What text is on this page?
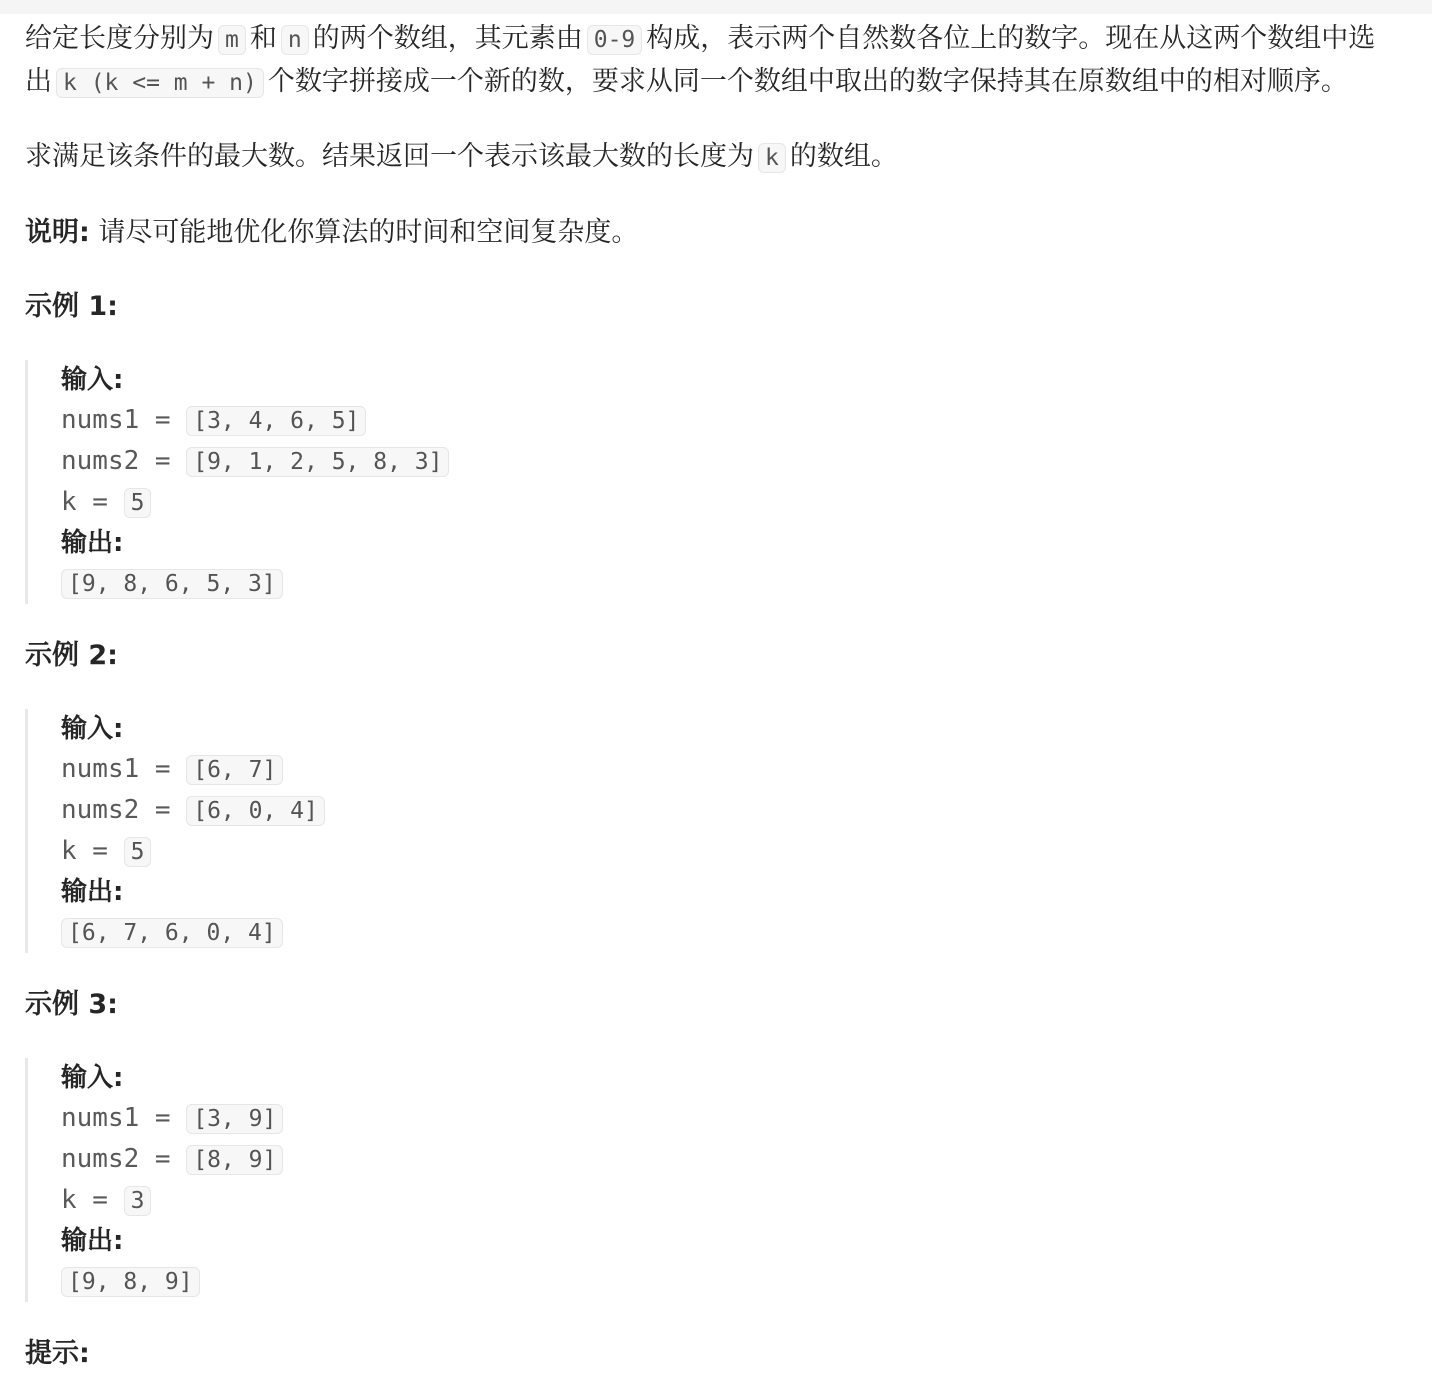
给定长度分别为 m 和 n 的两个数组，其元素由 0-9 构成，表示两个自然数各位上的数字。现在从这两个数组中选
出 k (k <= m + n) 个数字拼接成一个新的数，要求从同一个数组中取出的数字保持其在原数组中的相对顺序。

求满足该条件的最大数。结果返回一个表示该最大数的长度为 k 的数组。

说明: 请尽可能地优化你算法的时间和空间复杂度。

示例 1:
输入:
nums1 = [3, 4, 6, 5]
nums2 = [9, 1, 2, 5, 8, 3]
k = 5
输出:
[9, 8, 6, 5, 3]
示例 2:
输入:
nums1 = [6, 7]
nums2 = [6, 0, 4]
k = 5
输出:
[6, 7, 6, 0, 4]
示例 3:
输入:
nums1 = [3, 9]
nums2 = [8, 9]
k = 3
输出:
[9, 8, 9]
提示:
